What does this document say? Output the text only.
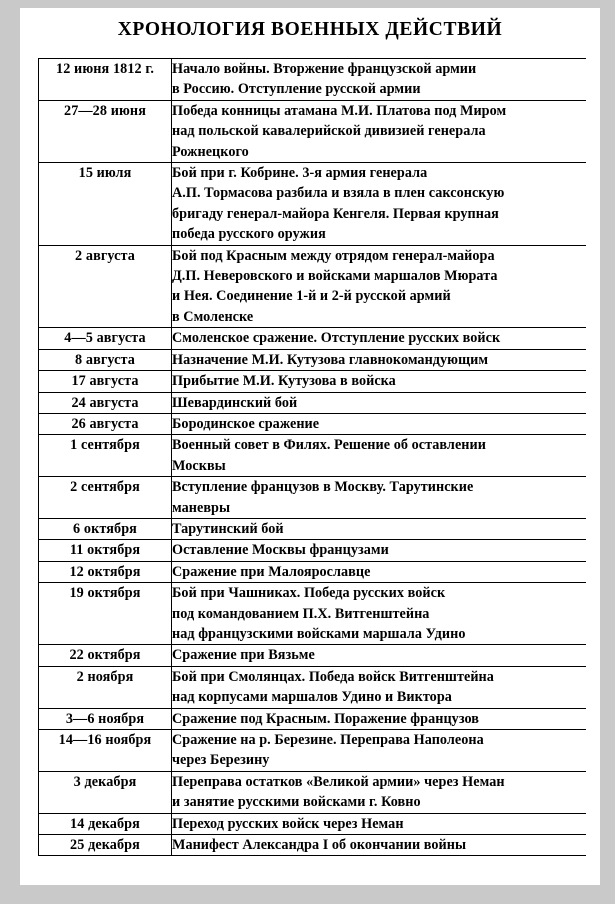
ХРОНОЛОГИЯ ВОЕННЫХ ДЕЙСТВИЙ
12 июня 1812 г.	Начало войны. Вторжение французской армии
в Россию. Отступление русской армии

27—28 июня	Победа конницы атамана М.И. Платова под Миром
над польской кавалерийской дивизией генерала
Рожнецкого

15 июля	Бой при г. Кобрине. 3-я армия генерала
А.П. Тормасова разбила и взяла в плен саксонскую
бригаду генерал-майора Кенгеля. Первая крупная
победа русского оружия

2 августа	Бой под Красным между отрядом генерал-майора
Д.П. Неверовского и войсками маршалов Мюрата
и Нея. Соединение 1-й и 2-й русской армий
в Смоленске

4—5 августа	Смоленское сражение. Отступление русских войск

8 августа	Назначение М.И. Кутузова главнокомандующим

17 августа	Прибытие М.И. Кутузова в войска

24 августа	Шевардинский бой

26 августа	Бородинское сражение

1 сентября	Военный совет в Филях. Решение об оставлении
Москвы

2 сентября	Вступление французов в Москву. Тарутинские
маневры

6 октября	Тарутинский бой

11 октября	Оставление Москвы французами

12 октября	Сражение при Малоярославце

19 октября	Бой при Чашниках. Победа русских войск
под командованием П.Х. Витгенштейна
над французскими войсками маршала Удино

22 октября	Сражение при Вязьме

2 ноября	Бой при Смолянцах. Победа войск Витгенштейна
над корпусами маршалов Удино и Виктора

3—6 ноября	Сражение под Красным. Поражение французов

14—16 ноября	Сражение на р. Березине. Переправа Наполеона
через Березину

3 декабря	Переправа остатков «Великой армии» через Неман
и занятие русскими войсками г. Ковно

14 декабря	Переход русских войск через Неман

25 декабря	Манифест Александра I об окончании войны
